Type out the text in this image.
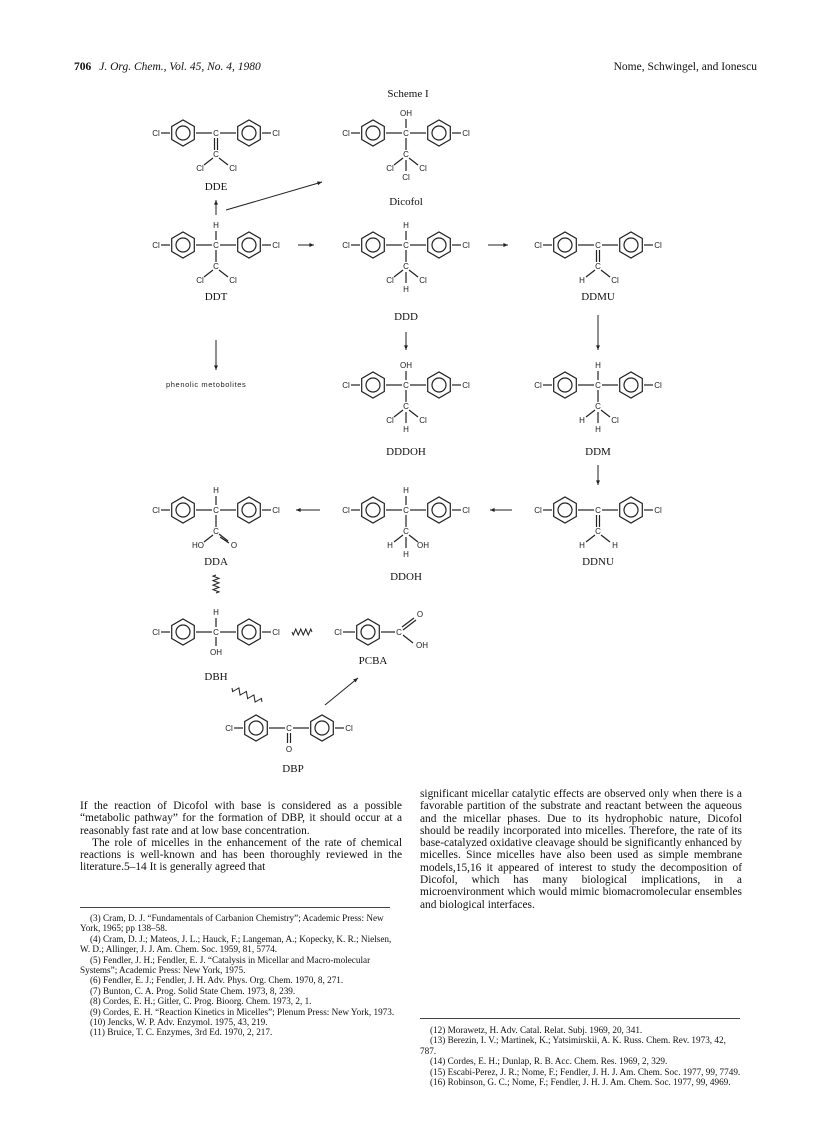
706 J. Org. Chem., Vol. 45, No. 4, 1980	Nome, Schwingel, and Ionescu
Scheme I
Cl	C
O
OH
Cl	C	Cl
C
Cl	Cl
Cl	C	Cl
OH
C
Cl	Cl
Cl
Cl	C	Cl
H
C
Cl	Cl
Cl	C	Cl
H
C
Cl	Cl
H
Cl	C	Cl
C
H	Cl
Cl	C	Cl
OH
C
Cl	Cl
H
Cl	C	Cl
H
C
H	Cl
H
Cl	C	Cl
H
C
HO	O
Cl	C	Cl
H
C
H	OH
H
Cl	C	Cl
C
H	H
Cl	C	Cl
H
OH
Cl	C	Cl
O
DDE
Dicofol
DDT
DDD
DDMU
DDDOH	DDM
DDA
DDOH
DDNU
DBH
PCBA
DBP
phenolic metobolites

If the reaction of Dicofol with base is considered as a possible “metabolic pathway” for the formation of DBP, it should occur at a reasonably fast rate and at low base concentration.

The role of micelles in the enhancement of the rate of chemical reactions is well-known and has been thoroughly reviewed in the literature.5–14 It is generally agreed that

(3) Cram, D. J. “Fundamentals of Carbanion Chemistry”; Academic Press: New York, 1965; pp 138–58.
(4) Cram, D. J.; Mateos, J. L.; Hauck, F.; Langeman, A.; Kopecky, K. R.; Nielsen, W. D.; Allinger, J. J. Am. Chem. Soc. 1959, 81, 5774.
(5) Fendler, J. H.; Fendler, E. J. “Catalysis in Micellar and Macro-molecular Systems”; Academic Press: New York, 1975.
(6) Fendler, E. J.; Fendler, J. H. Adv. Phys. Org. Chem. 1970, 8, 271.
(7) Bunton, C. A. Prog. Solid State Chem. 1973, 8, 239.
(8) Cordes, E. H.; Gitler, C. Prog. Bioorg. Chem. 1973, 2, 1.
(9) Cordes, E. H. “Reaction Kinetics in Micelles”; Plenum Press: New York, 1973.
(10) Jencks, W. P. Adv. Enzymol. 1975, 43, 219.
(11) Bruice, T. C. Enzymes, 3rd Ed. 1970, 2, 217.

significant micellar catalytic effects are observed only when there is a favorable partition of the substrate and reactant between the aqueous and the micellar phases. Due to its hydrophobic nature, Dicofol should be readily incorporated into micelles. Therefore, the rate of its base-catalyzed oxidative cleavage should be significantly enhanced by micelles. Since micelles have also been used as simple membrane models,15,16 it appeared of interest to study the decomposition of Dicofol, which has many biological implications, in a microenvironment which would mimic biomacromolecular ensembles and biological interfaces.

(12) Morawetz, H. Adv. Catal. Relat. Subj. 1969, 20, 341.
(13) Berezin, I. V.; Martinek, K.; Yatsimirskii, A. K. Russ. Chem. Rev. 1973, 42, 787.
(14) Cordes, E. H.; Dunlap, R. B. Acc. Chem. Res. 1969, 2, 329.
(15) Escabi-Perez, J. R.; Nome, F.; Fendler, J. H. J. Am. Chem. Soc. 1977, 99, 7749.
(16) Robinson, G. C.; Nome, F.; Fendler, J. H. J. Am. Chem. Soc. 1977, 99, 4969.
